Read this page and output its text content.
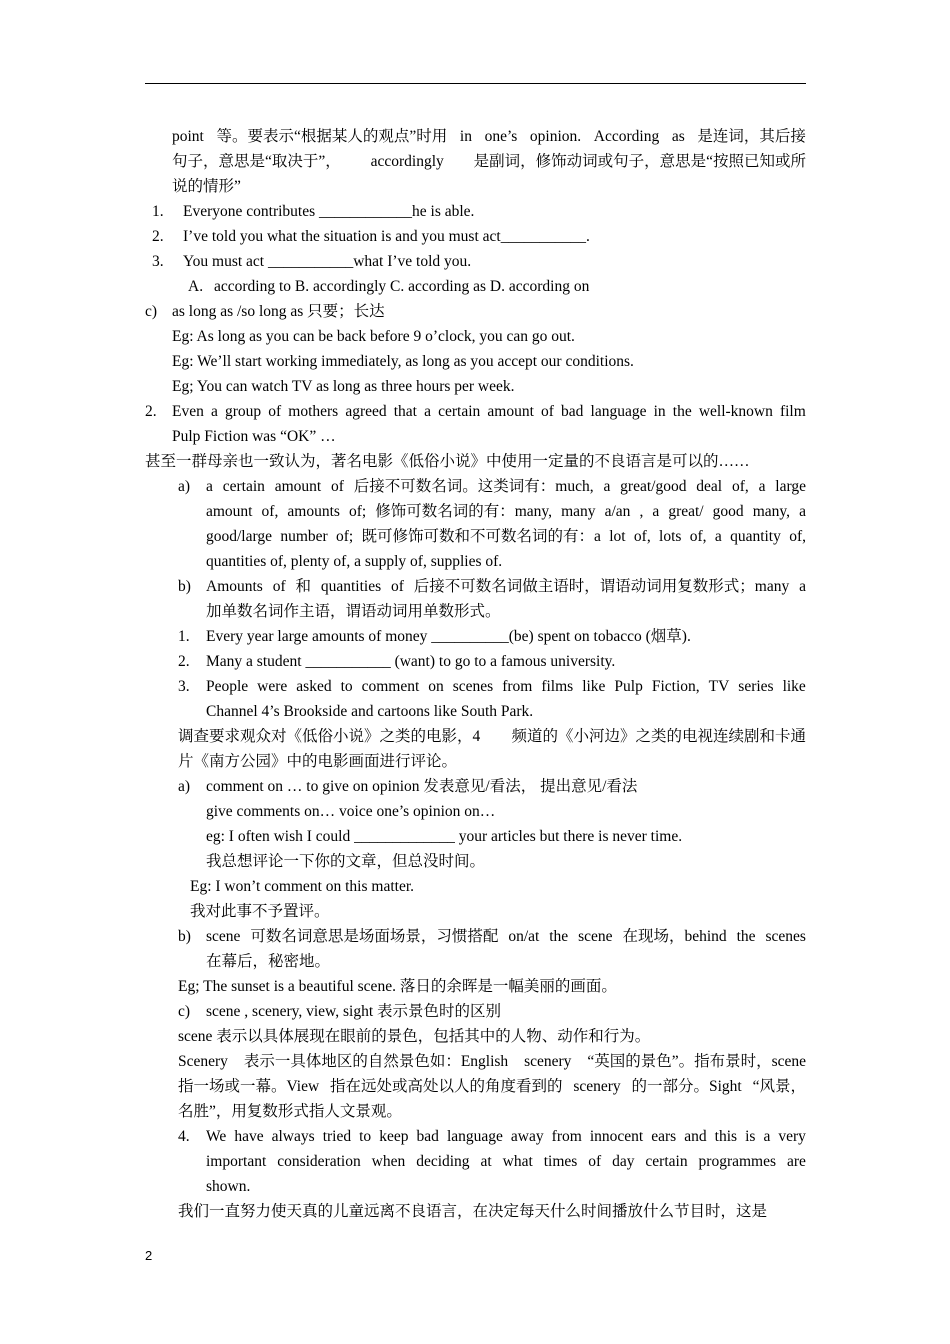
point 等。要表示“根据某人的观点”时用 in one’s opinion. According as 是连词，其后接
句子，意思是“取决于”， accordingly 是副词，修饰动词或句子，意思是“按照已知或所
说的情形”
1. Everyone contributes ____________he is able.
2. I’ve told you what the situation is and you must act___________.
3. You must act ___________what I’ve told you.
A. according to B. accordingly C. according as D. according on
c) as long as /so long as 只要；长达
Eg: As long as you can be back before 9 o’clock, you can go out.
Eg: We’ll start working immediately, as long as you accept our conditions.
Eg; You can watch TV as long as three hours per week.
2. Even a group of mothers agreed that a certain amount of bad language in the well-known film
Pulp Fiction was “OK” …
甚至一群母亲也一致认为，著名电影《低俗小说》中使用一定量的不良语言是可以的……
a) a certain amount of 后接不可数名词。这类词有：much, a great/good deal of, a large
amount of, amounts of; 修饰可数名词的有：many, many a/an , a great/ good many, a
good/large number of; 既可修饰可数和不可数名词的有：a lot of, lots of, a quantity of,
quantities of, plenty of, a supply of, supplies of.
b) Amounts of 和 quantities of 后接不可数名词做主语时，谓语动词用复数形式；many a
加单数名词作主语，谓语动词用单数形式。
1. Every year large amounts of money __________(be) spent on tobacco (烟草).
2. Many a student ___________ (want) to go to a famous university.
3. People were asked to comment on scenes from films like Pulp Fiction, TV series like
Channel 4’s Brookside and cartoons like South Park.
调查要求观众对《低俗小说》之类的电影，4 频道的《小河边》之类的电视连续剧和卡通
片《南方公园》中的电影画面进行评论。
a) comment on … to give on opinion 发表意见/看法， 提出意见/看法
give comments on… voice one’s opinion on…
eg: I often wish I could _____________ your articles but there is never time.
我总想评论一下你的文章，但总没时间。
Eg: I won’t comment on this matter.
我对此事不予置评。
b) scene 可数名词意思是场面场景，习惯搭配 on/at the scene 在现场，behind the scenes
在幕后，秘密地。
Eg; The sunset is a beautiful scene. 落日的余晖是一幅美丽的画面。
c) scene , scenery, view, sight 表示景色时的区别
scene 表示以具体展现在眼前的景色，包括其中的人物、动作和行为。
Scenery 表示一具体地区的自然景色如：English scenery “英国的景色”。指布景时，scene
指一场或一幕。View 指在远处或高处以人的角度看到的 scenery 的一部分。Sight “风景，
名胜”，用复数形式指人文景观。
4. We have always tried to keep bad language away from innocent ears and this is a very
important consideration when deciding at what times of day certain programmes are
shown.
我们一直努力使天真的儿童远离不良语言，在决定每天什么时间播放什么节目时，这是
2
